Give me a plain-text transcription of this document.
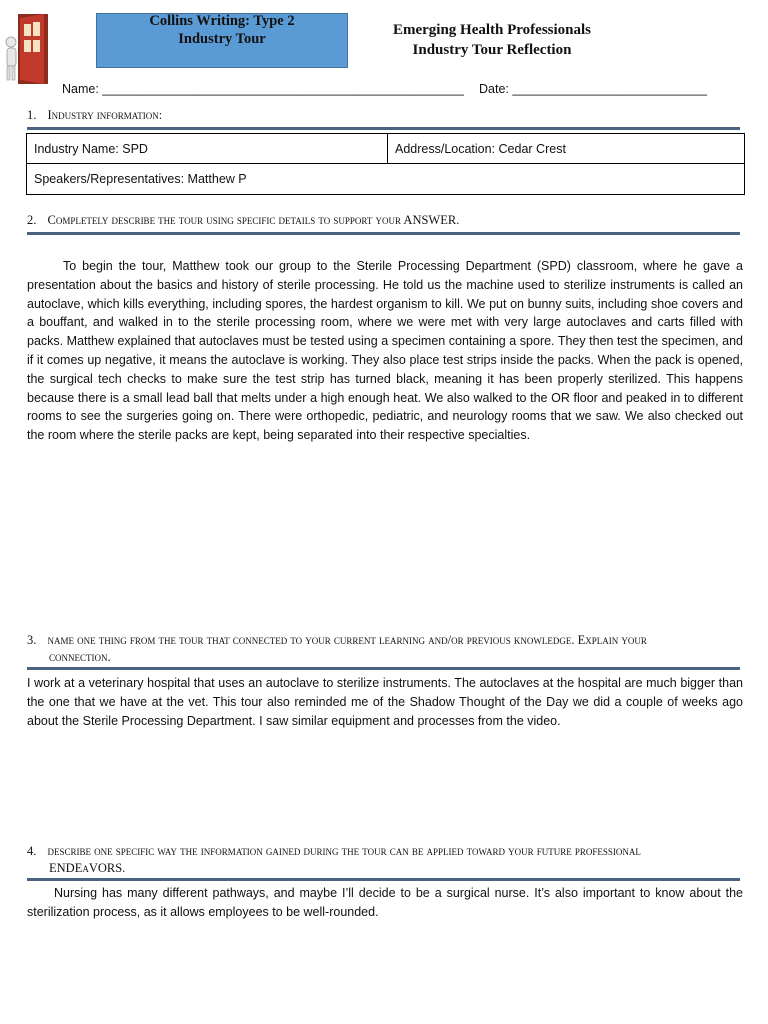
Collins Writing: Type 2
Industry Tour
Emerging Health Professionals
Industry Tour Reflection
Name: ____________________________________________________ Date: ____________________________
1. Industry information:
Industry Name: SPD	Address/Location: Cedar Crest
Speakers/Representatives: Matthew P
2. Completely describe the tour using specific details to support your ANSWER.
To begin the tour, Matthew took our group to the Sterile Processing Department (SPD) classroom, where he gave a presentation about the basics and history of sterile processing. He told us the machine used to sterilize instruments is called an autoclave, which kills everything, including spores, the hardest organism to kill. We put on bunny suits, including shoe covers and a bouffant, and walked in to the sterile processing room, where we were met with very large autoclaves and carts filled with packs. Matthew explained that autoclaves must be tested using a specimen containing a spore. They then test the specimen, and if it comes up negative, it means the autoclave is working. They also place test strips inside the packs. When the pack is opened, the surgical tech checks to make sure the test strip has turned black, meaning it has been properly sterilized. This happens because there is a small lead ball that melts under a high enough heat. We also walked to the OR floor and peaked in to different rooms to see the surgeries going on. There were orthopedic, pediatric, and neurology rooms that we saw. We also checked out the room where the sterile packs are kept, being separated into their respective specialties.
3. name one thing from the tour that connected to your current learning and/or previous knowledge. Explain your
connection.
I work at a veterinary hospital that uses an autoclave to sterilize instruments. The autoclaves at the hospital are much bigger than the one that we have at the vet. This tour also reminded me of the Shadow Thought of the Day we did a couple of weeks ago about the Sterile Processing Department. I saw similar equipment and processes from the video.
4. describe one specific way the information gained during the tour can be applied toward your future professional
ENDEaVORS.
Nursing has many different pathways, and maybe I’ll decide to be a surgical nurse. It’s also important to know about the sterilization process, as it allows employees to be well-rounded.
